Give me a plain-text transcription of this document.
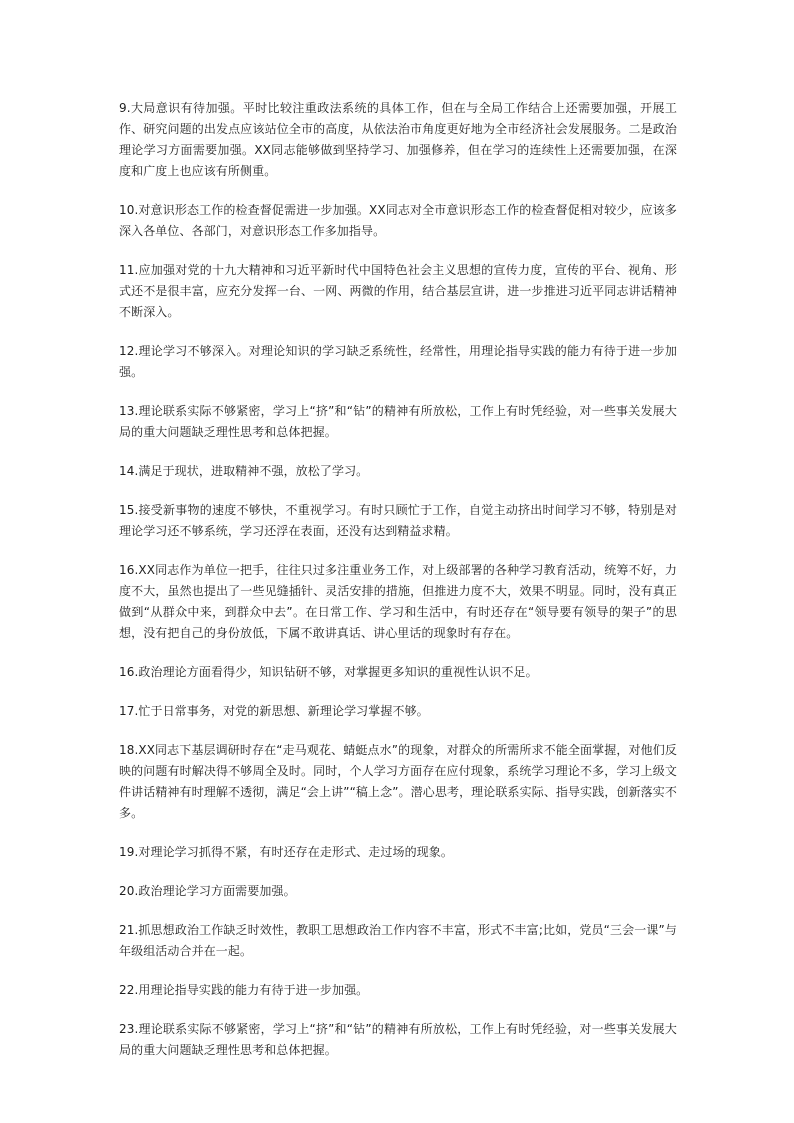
9.大局意识有待加强。平时比较注重政法系统的具体工作，但在与全局工作结合上还需要加强，开展工作、研究问题的出发点应该站位全市的高度，从依法治市角度更好地为全市经济社会发展服务。二是政治理论学习方面需要加强。XX同志能够做到坚持学习、加强修养，但在学习的连续性上还需要加强，在深度和广度上也应该有所侧重。

10.对意识形态工作的检查督促需进一步加强。XX同志对全市意识形态工作的检查督促相对较少，应该多深入各单位、各部门，对意识形态工作多加指导。

11.应加强对党的十九大精神和习近平新时代中国特色社会主义思想的宣传力度，宣传的平台、视角、形式还不是很丰富，应充分发挥一台、一网、两微的作用，结合基层宣讲，进一步推进习近平同志讲话精神不断深入。

12.理论学习不够深入。对理论知识的学习缺乏系统性，经常性，用理论指导实践的能力有待于进一步加强。

13.理论联系实际不够紧密，学习上“挤”和“钻”的精神有所放松，工作上有时凭经验，对一些事关发展大局的重大问题缺乏理性思考和总体把握。

14.满足于现状，进取精神不强，放松了学习。

15.接受新事物的速度不够快，不重视学习。有时只顾忙于工作，自觉主动挤出时间学习不够，特别是对理论学习还不够系统，学习还浮在表面，还没有达到精益求精。

16.XX同志作为单位一把手，往往只过多注重业务工作，对上级部署的各种学习教育活动，统筹不好，力度不大，虽然也提出了一些见缝插针、灵活安排的措施，但推进力度不大，效果不明显。同时，没有真正做到“从群众中来，到群众中去”。在日常工作、学习和生活中，有时还存在“领导要有领导的架子”的思想，没有把自己的身份放低，下属不敢讲真话、讲心里话的现象时有存在。

16.政治理论方面看得少，知识钻研不够，对掌握更多知识的重视性认识不足。

17.忙于日常事务，对党的新思想、新理论学习掌握不够。

18.XX同志下基层调研时存在“走马观花、蜻蜓点水”的现象，对群众的所需所求不能全面掌握，对他们反映的问题有时解决得不够周全及时。同时，个人学习方面存在应付现象，系统学习理论不多，学习上级文件讲话精神有时理解不透彻，满足“会上讲”“稿上念”。潜心思考，理论联系实际、指导实践，创新落实不多。

19.对理论学习抓得不紧，有时还存在走形式、走过场的现象。

20.政治理论学习方面需要加强。

21.抓思想政治工作缺乏时效性，教职工思想政治工作内容不丰富，形式不丰富;比如，党员“三会一课”与年级组活动合并在一起。

22.用理论指导实践的能力有待于进一步加强。

23.理论联系实际不够紧密，学习上“挤”和“钻”的精神有所放松，工作上有时凭经验，对一些事关发展大局的重大问题缺乏理性思考和总体把握。
